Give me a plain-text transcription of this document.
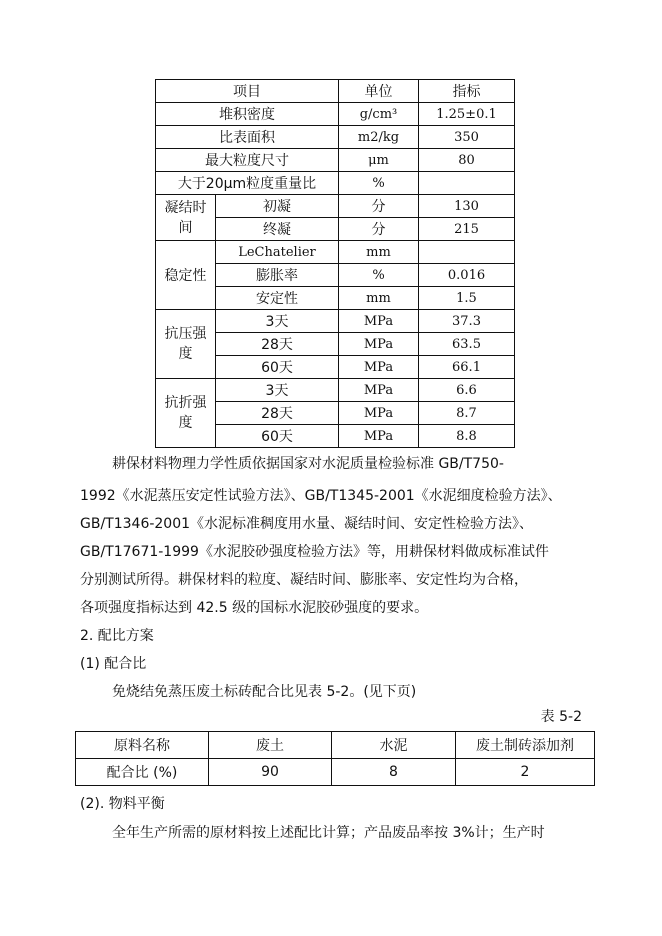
项目		单位	指标
堆积密度		g/cm³	1.25±0.1
比表面积		m2/kg	350
最大粒度尺寸		μm	80
大于20μm粒度重量比		%	

凝结时
间	初凝	分	130
	终凝	分	215
稳定性	LeChatelier	mm	
	膨胀率	%	0.016
	安定性	mm	1.5

抗压强
度	3天	MPa	37.3
	28天	MPa	63.5
	60天	MPa	66.1

抗折强
度	3天	MPa	6.6
	28天	MPa	8.7
	60天	MPa	8.8
耕保材料物理力学性质依据国家对水泥质量检验标准 GB/T750-
1992《水泥蒸压安定性试验方法》、GB/T1345-2001《水泥细度检验方法》、
GB/T1346-2001《水泥标准稠度用水量、凝结时间、安定性检验方法》、
GB/T17671-1999《水泥胶砂强度检验方法》等，用耕保材料做成标准试件
分别测试所得。耕保材料的粒度、凝结时间、膨胀率、安定性均为合格，
各项强度指标达到 42.5 级的国标水泥胶砂强度的要求。
2. 配比方案
(1) 配合比
免烧结免蒸压废土标砖配合比见表 5-2。(见下页)
表 5-2
原料名称	废土	水泥	废土制砖添加剂
配合比 (%)	90	8	2
(2). 物料平衡
全年生产所需的原材料按上述配比计算；产品废品率按 3%计；生产时
